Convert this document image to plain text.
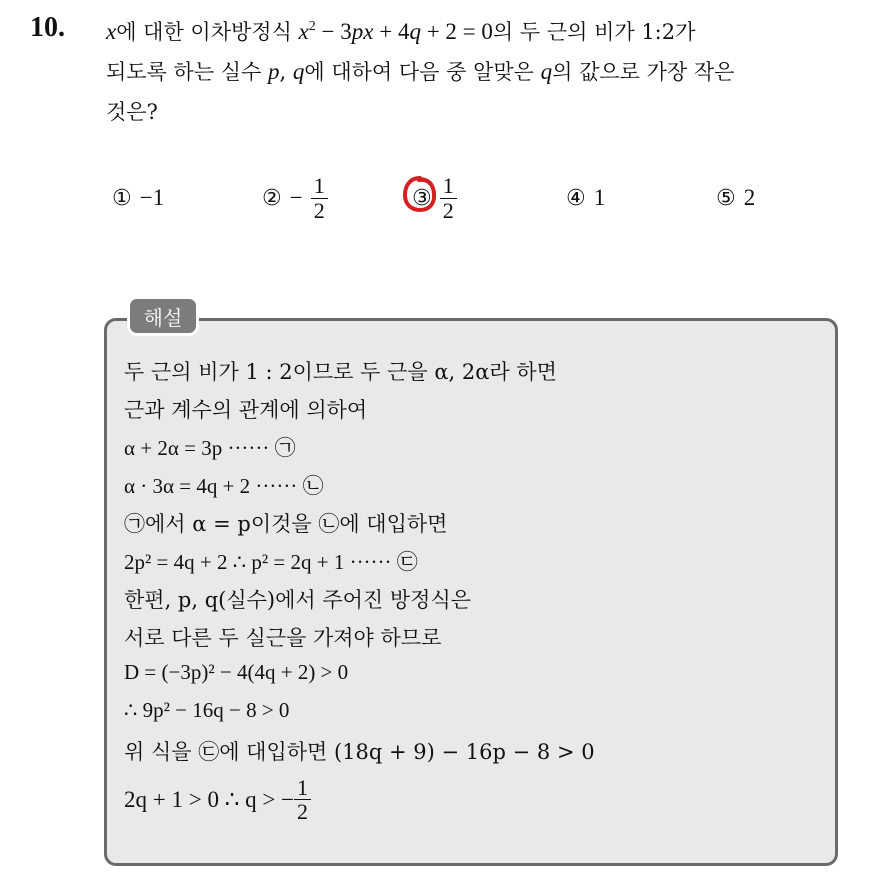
10. x에 대한 이차방정식 $x^2 - 3px + 4q + 2 = 0$의 두 근의 비가 1:2가
되도록 하는 실수 p, q에 대하여 다음 중 알맞은 q의 값으로 가장 작은
것은?
① −1	② − $\frac{1}{2}$	③ $\frac{1}{2}$	④ 1	⑤ 2
해설
두 근의 비가 1 : 2이므로 두 근을 α, 2α라 하면
근과 계수의 관계에 의하여
α + 2α = 3p ······ ㉠
α · 3α = 4q + 2 ······ ㉡
㉠에서 α = p이것을 ㉡에 대입하면
2p² = 4q + 2 ∴ p² = 2q + 1 ······ ㉢
한편, p, q(실수)에서 주어진 방정식은
서로 다른 두 실근을 가져야 하므로
D = (−3p)² − 4(4q + 2) > 0
∴ 9p² − 16q − 8 > 0
위 식을 ㉢에 대입하면 (18q + 9) − 16p − 8 > 0
2q + 1 > 0 ∴ q > − $\frac{1}{2}$
